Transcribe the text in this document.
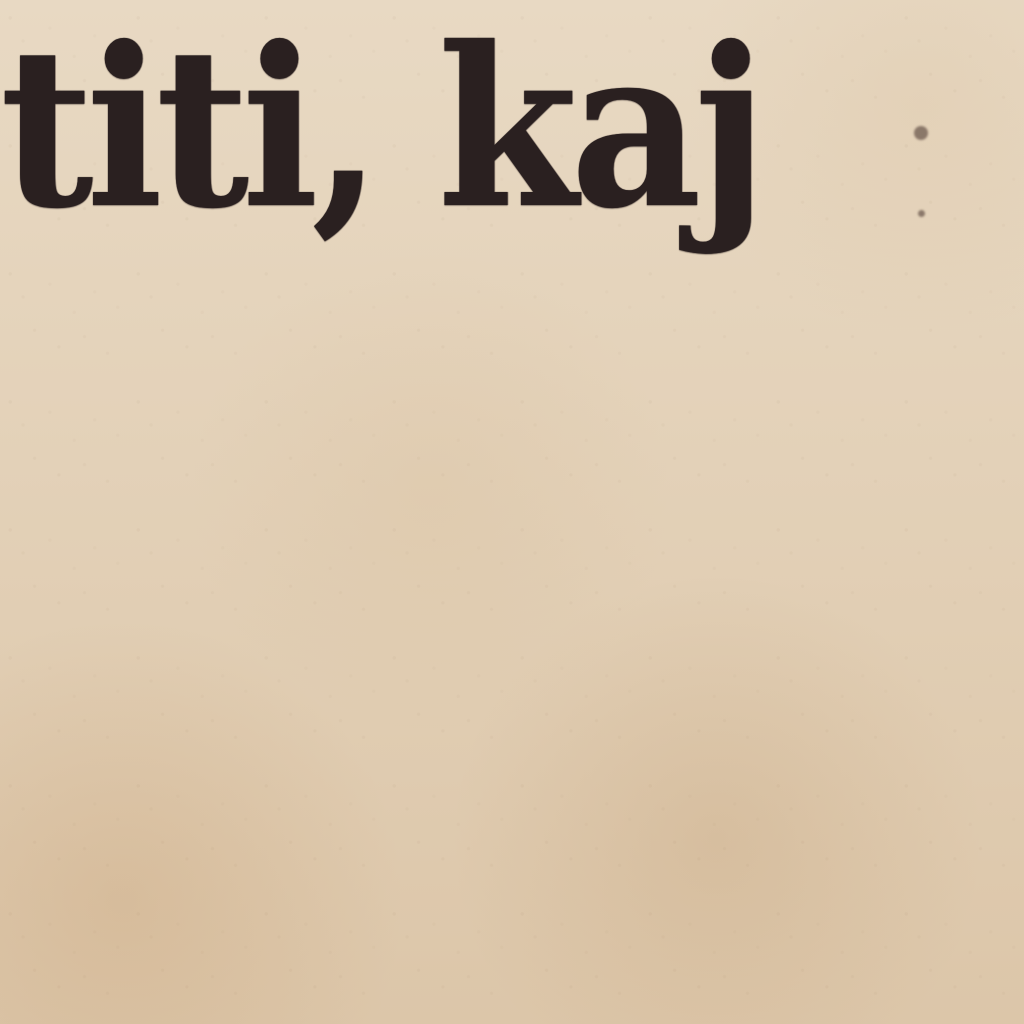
titi, kaj
